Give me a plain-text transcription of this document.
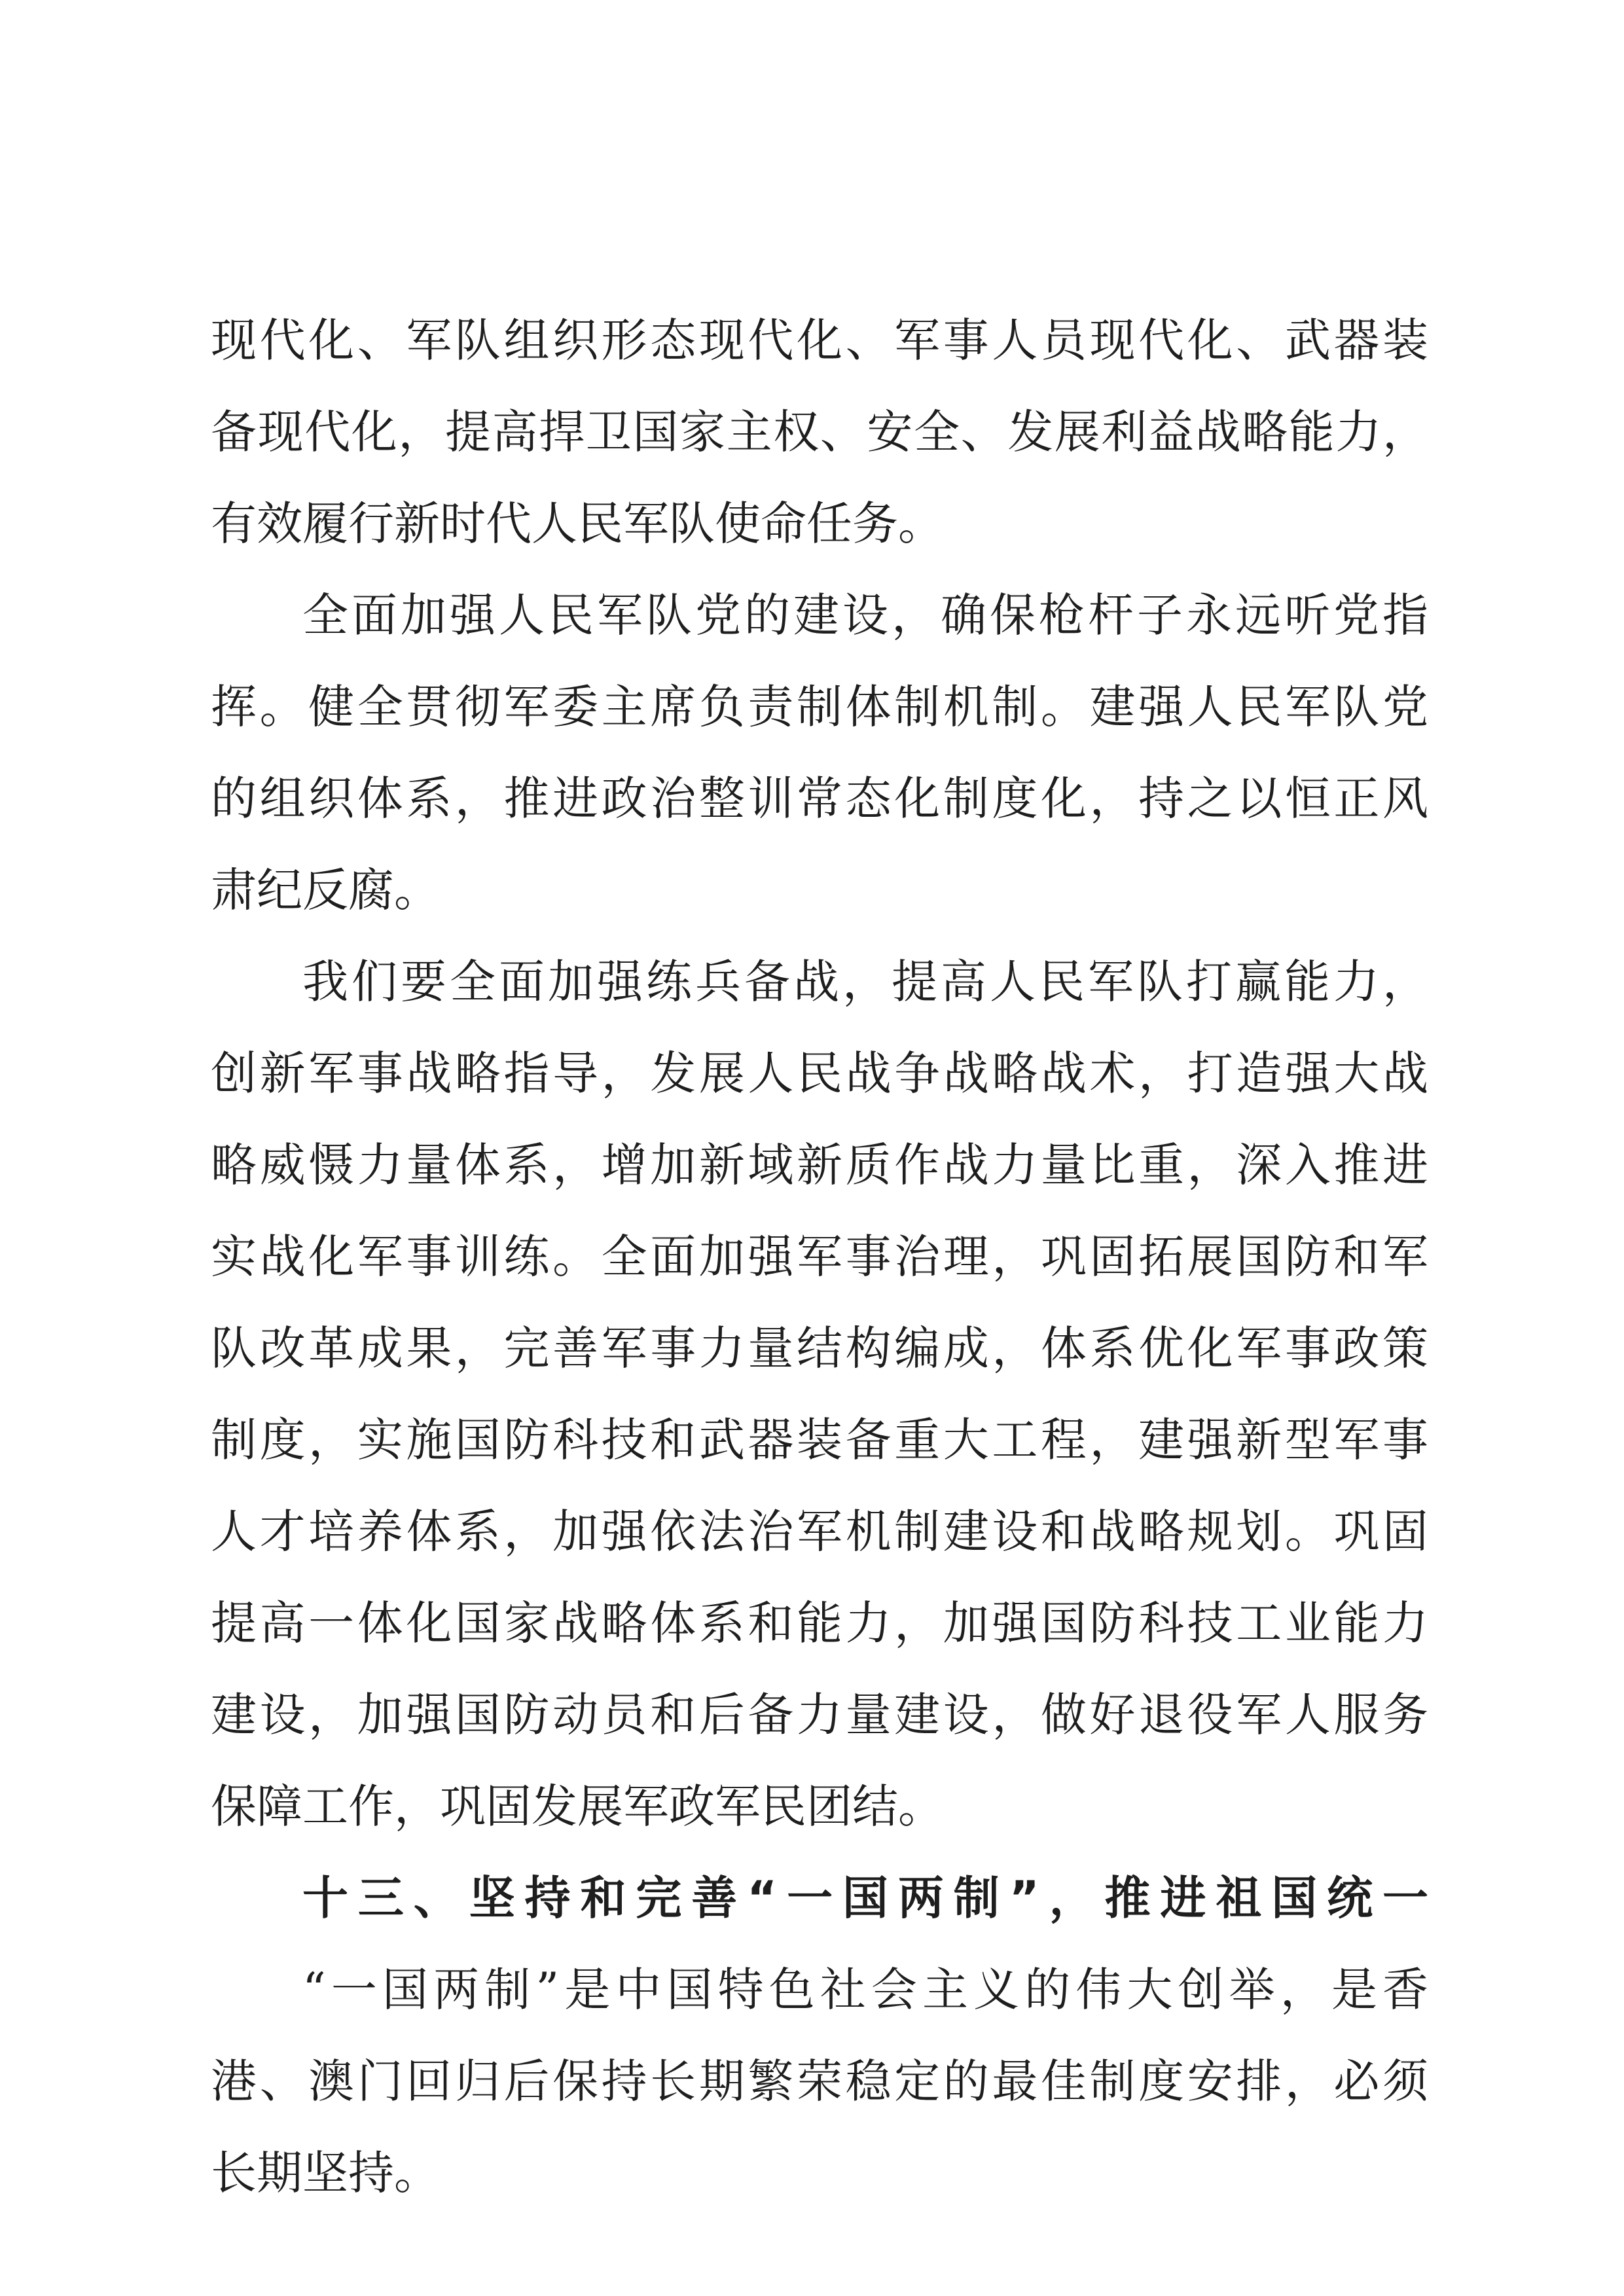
现代化、军队组织形态现代化、军事人员现代化、武器装
备现代化，提高捍卫国家主权、安全、发展利益战略能力，
有效履行新时代人民军队使命任务。
全面加强人民军队党的建设，确保枪杆子永远听党指
挥。健全贯彻军委主席负责制体制机制。建强人民军队党
的组织体系，推进政治整训常态化制度化，持之以恒正风
肃纪反腐。
我们要全面加强练兵备战，提高人民军队打赢能力，
创新军事战略指导，发展人民战争战略战术，打造强大战
略威慑力量体系，增加新域新质作战力量比重，深入推进
实战化军事训练。全面加强军事治理，巩固拓展国防和军
队改革成果，完善军事力量结构编成，体系优化军事政策
制度，实施国防科技和武器装备重大工程，建强新型军事
人才培养体系，加强依法治军机制建设和战略规划。巩固
提高一体化国家战略体系和能力，加强国防科技工业能力
建设，加强国防动员和后备力量建设，做好退役军人服务
保障工作，巩固发展军政军民团结。
十三、坚持和完善“一国两制”，推进祖国统一
“一国两制”是中国特色社会主义的伟大创举，是香
港、澳门回归后保持长期繁荣稳定的最佳制度安排，必须
长期坚持。
